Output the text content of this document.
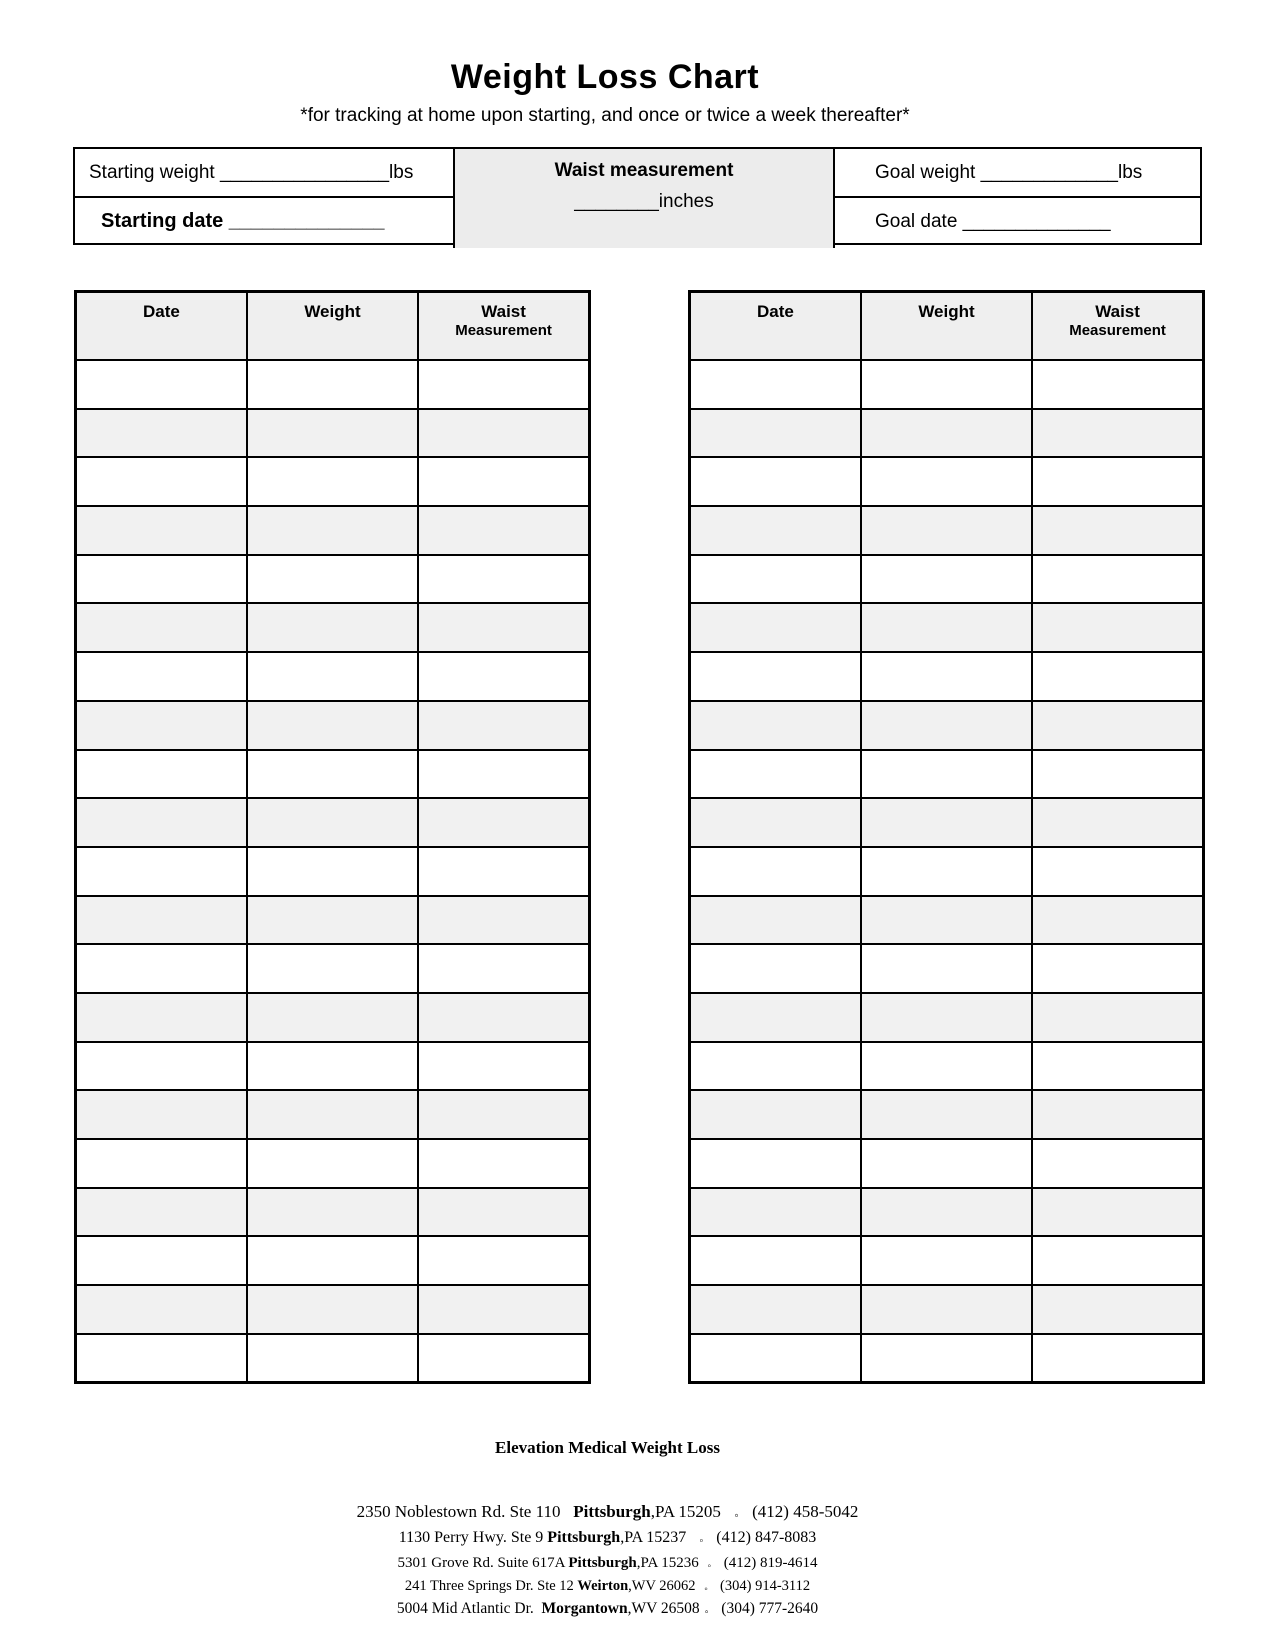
Weight Loss Chart

*for tracking at home upon starting, and once or twice a week thereafter*

Starting weight ________________lbs
Starting date ______________
Waist measurement
________inches
Goal weight _____________lbs
Goal date ______________
Date	Weight	Waist
Measurement

Date	Weight	Waist
Measurement

Elevation Medical Weight Loss

2350 Noblestown Rd. Ste 110   Pittsburgh,PA 15205  ◦  (412) 458-5042
1130 Perry Hwy. Ste 9 Pittsburgh,PA 15237  ◦  (412) 847-8083
5301 Grove Rd. Suite 617A Pittsburgh,PA 15236 ◦  (412) 819-4614
241 Three Springs Dr. Ste 12 Weirton,WV 26062 ◦  (304) 914-3112
5004 Mid Atlantic Dr.  Morgantown,WV 26508 ◦  (304) 777-2640
